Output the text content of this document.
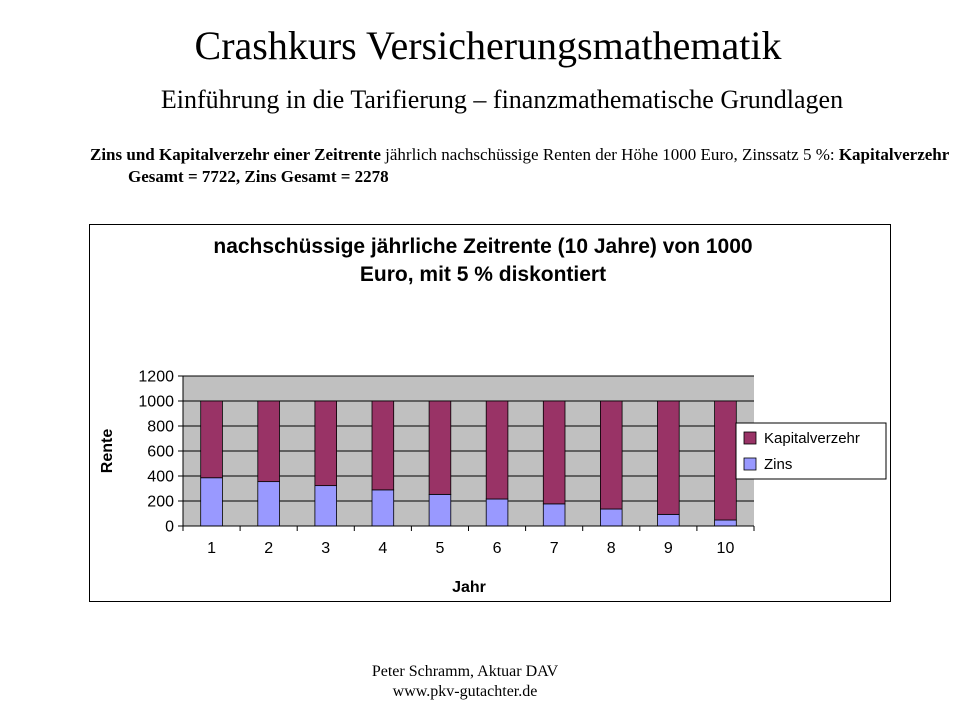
Crashkurs Versicherungsmathematik
Einführung in die Tarifierung – finanzmathematische Grundlagen

Zins und Kapitalverzehr einer Zeitrente jährlich nachschüssige Renten der Höhe 1000 Euro, Zinssatz 5 %: Kapitalverzehr Gesamt = 7722, Zins Gesamt = 2278

nachschüssige jährliche Zeitrente (10 Jahre) von 1000
Euro, mit 5 % diskontiert
0
200
400
600
800
1000
1200
1	2	3	4	5	6	7	8	9	10
Rente
Jahr
Kapitalverzehr
Zins
Peter Schramm, Aktuar DAV
www.pkv-gutachter.de
